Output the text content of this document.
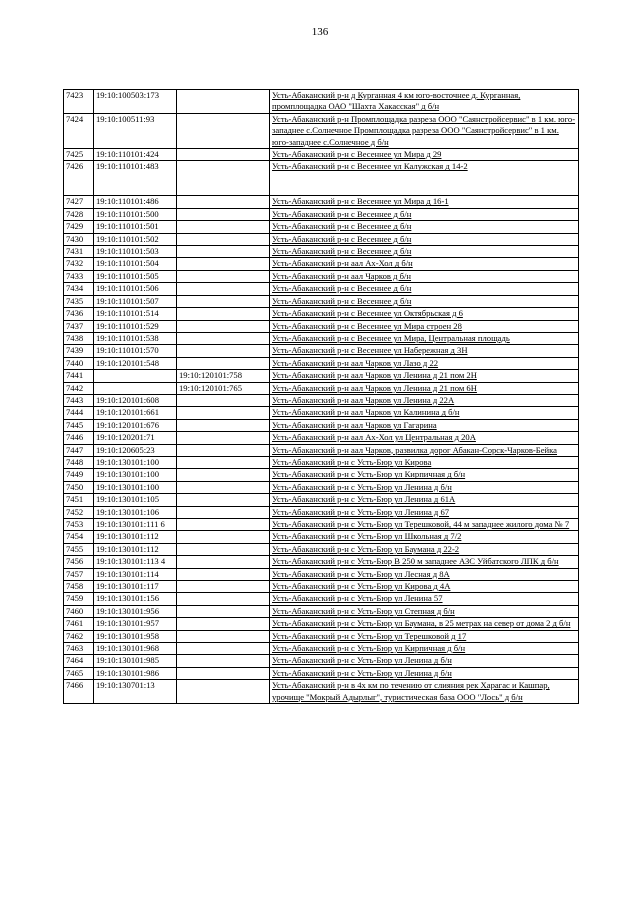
136
7423	19:10:100503:173		Усть-Абаканский р-н д Курганная 4 км юго-восточнее д. Курганная, промплощадка ОАО "Шахта Хакасская" д б/н
7424	19:10:100511:93		Усть-Абаканский р-н Промплощадка разреза ООО "Саянстройсервис" в 1 км. юго-западнее с.Солнечное Промплощадка разреза ООО "Саянстройсервис" в 1 км. юго-западнее с.Солнечное д б/н
7425	19:10:110101:424		Усть-Абаканский р-н с Весеннее ул Мира д 29
7426	19:10:110101:483		Усть-Абаканский р-н с Весеннее ул Калужская д 14-2
7427	19:10:110101:486		Усть-Абаканский р-н с Весеннее ул Мира д 16-1
7428	19:10:110101:500		Усть-Абаканский р-н с Весеннее д б/н
7429	19:10:110101:501		Усть-Абаканский р-н с Весеннее д б/н
7430	19:10:110101:502		Усть-Абаканский р-н с Весеннее д б/н
7431	19:10:110101:503		Усть-Абаканский р-н с Весеннее д б/н
7432	19:10:110101:504		Усть-Абаканский р-н аал Ах-Хол д б/н
7433	19:10:110101:505		Усть-Абаканский р-н аал Чарков д б/н
7434	19:10:110101:506		Усть-Абаканский р-н с Весеннее д б/н
7435	19:10:110101:507		Усть-Абаканский р-н с Весеннее д б/н
7436	19:10:110101:514		Усть-Абаканский р-н с Весеннее ул Октябрьская д 6
7437	19:10:110101:529		Усть-Абаканский р-н с Весеннее ул Мира строен 28
7438	19:10:110101:538		Усть-Абаканский р-н с Весеннее ул Мира, Центральная площадь
7439	19:10:110101:570		Усть-Абаканский р-н с Весеннее ул Набережная д 3Н
7440	19:10:120101:548		Усть-Абаканский р-н аал Чарков ул Лазо д 22
7441		19:10:120101:758	Усть-Абаканский р-н аал Чарков ул Ленина д 21 пом 2Н
7442		19:10:120101:765	Усть-Абаканский р-н аал Чарков ул Ленина д 21 пом 6Н
7443	19:10:120101:608		Усть-Абаканский р-н аал Чарков ул Ленина д 22А
7444	19:10:120101:661		Усть-Абаканский р-н аал Чарков ул Калинина д б/н
7445	19:10:120101:676		Усть-Абаканский р-н аал Чарков ул Гагарина
7446	19:10:120201:71		Усть-Абаканский р-н аал Ах-Хол ул Центральная д 20А
7447	19:10:120605:23		Усть-Абаканский р-н аал Чарков, развилка дорог Абакан-Сорск-Чарков-Бейка
7448	19:10:130101:100		Усть-Абаканский р-н с Усть-Бюр ул Кирова
7449	19:10:130101:100		Усть-Абаканский р-н с Усть-Бюр ул Кирпичная д б/н
7450	19:10:130101:100		Усть-Абаканский р-н с Усть-Бюр ул Ленина д б/н
7451	19:10:130101:105		Усть-Абаканский р-н с Усть-Бюр ул Ленина д 61А
7452	19:10:130101:106		Усть-Абаканский р-н с Усть-Бюр ул Ленина д 67
7453	19:10:130101:111 6		Усть-Абаканский р-н с Усть-Бюр ул Терешковой, 44 м западнее жилого дома № 7
7454	19:10:130101:112		Усть-Абаканский р-н с Усть-Бюр ул Школьная д 7/2
7455	19:10:130101:112		Усть-Абаканский р-н с Усть-Бюр ул Баумана д 22-2
7456	19:10:130101:113 4		Усть-Абаканский р-н с Усть-Бюр В 250 м западнее АЗС Уйбатского ЛПК д б/н
7457	19:10:130101:114		Усть-Абаканский р-н с Усть-Бюр ул Лесная д 8А
7458	19:10:130101:117		Усть-Абаканский р-н с Усть-Бюр ул Кирова д 4А
7459	19:10:130101:156		Усть-Абаканский р-н с Усть-Бюр ул Ленина 57
7460	19:10:130101:956		Усть-Абаканский р-н с Усть-Бюр ул Степная д б/н
7461	19:10:130101:957		Усть-Абаканский р-н с Усть-Бюр ул Баумана, в 25 метрах на север от дома 2 д б/н
7462	19:10:130101:958		Усть-Абаканский р-н с Усть-Бюр ул Терешковой д 17
7463	19:10:130101:968		Усть-Абаканский р-н с Усть-Бюр ул Кирпичная д б/н
7464	19:10:130101:985		Усть-Абаканский р-н с Усть-Бюр ул Ленина д б/н
7465	19:10:130101:986		Усть-Абаканский р-н с Усть-Бюр ул Ленина д б/н
7466	19:10:130701:13		Усть-Абаканский р-н в 4х км по течению от слияния рек Харагас и Кашпар, урочище "Мокрый Адырлыг", туристическая база ООО "Лось" д б/н
